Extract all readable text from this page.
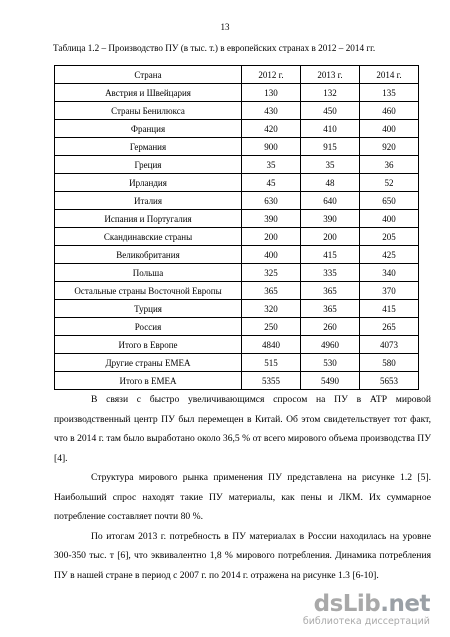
13
Таблица 1.2 – Производство ПУ (в тыс. т.) в европейских странах в 2012 – 2014 гг.
Страна	2012 г.	2013 г.	2014 г.
Австрия и Швейцария	130	132	135
Страны Бенилюкса	430	450	460
Франция	420	410	400
Германия	900	915	920
Греция	35	35	36
Ирландия	45	48	52
Италия	630	640	650
Испания и Португалия	390	390	400
Скандинавские страны	200	200	205
Великобритания	400	415	425
Польша	325	335	340
Остальные страны Восточной Европы	365	365	370
Турция	320	365	415
Россия	250	260	265
Итого в Европе	4840	4960	4073
Другие страны EMEA	515	530	580
Итого в EMEA	5355	5490	5653

В связи с быстро увеличивающимся спросом на ПУ в АТР мировой производственный центр ПУ был перемещен в Китай. Об этом свидетельствует тот факт, что в 2014 г. там было выработано около 36,5 % от всего мирового объема производства ПУ [4].

Структура мирового рынка применения ПУ представлена на рисунке 1.2 [5]. Наибольший спрос находят такие ПУ материалы, как пены и ЛКМ. Их суммарное потребление составляет почти 80 %.

По итогам 2013 г. потребность в ПУ материалах в России находилась на уровне 300-350 тыс. т [6], что эквивалентно 1,8 % мирового потребления. Динамика потребления ПУ в нашей стране в период с 2007 г. по 2014 г. отражена на рисунке 1.3 [6-10].

dsLib.net
библиотека диссертаций
